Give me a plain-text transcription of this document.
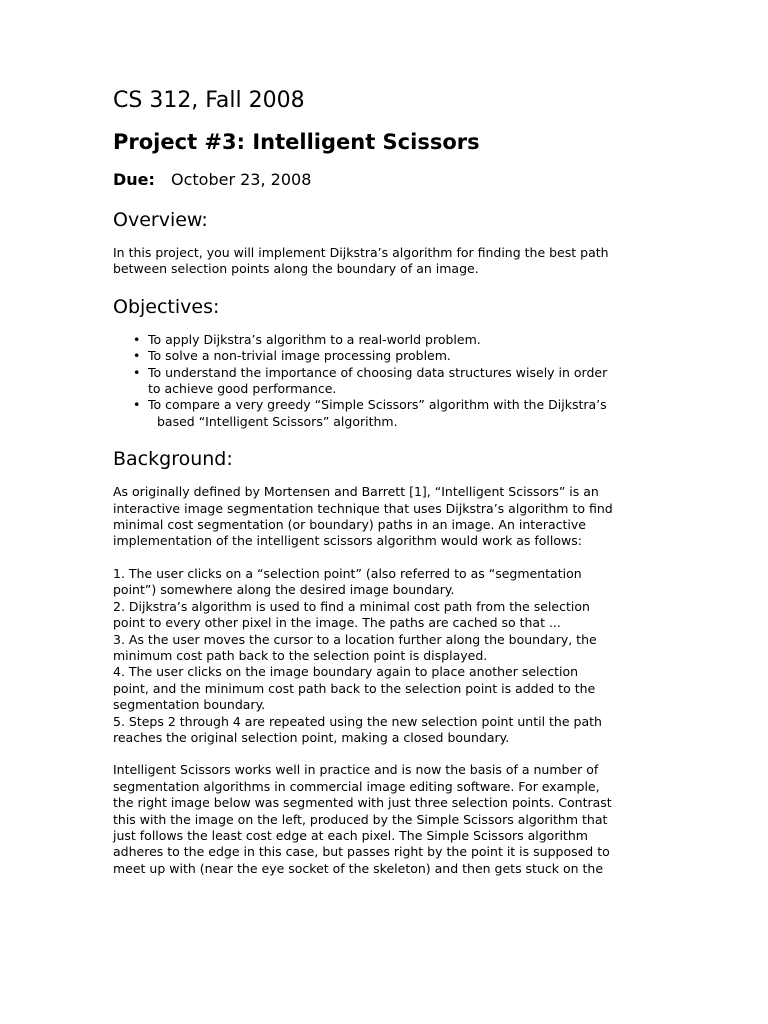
CS 312, Fall 2008
Project #3: Intelligent Scissors

Due: October 23, 2008

Overview:

In this project, you will implement Dijkstra’s algorithm for finding the best path
between selection points along the boundary of an image.

Objectives:
• To apply Dijkstra’s algorithm to a real-world problem.
• To solve a non-trivial image processing problem.
• To understand the importance of choosing data structures wisely in order
to achieve good performance.
• To compare a very greedy “Simple Scissors” algorithm with the Dijkstra’s
based “Intelligent Scissors” algorithm.
Background:

As originally defined by Mortensen and Barrett [1], “Intelligent Scissors” is an
interactive image segmentation technique that uses Dijkstra’s algorithm to find
minimal cost segmentation (or boundary) paths in an image. An interactive
implementation of the intelligent scissors algorithm would work as follows:

1. The user clicks on a “selection point” (also referred to as “segmentation
point”) somewhere along the desired image boundary.
2. Dijkstra’s algorithm is used to find a minimal cost path from the selection
point to every other pixel in the image. The paths are cached so that ...
3. As the user moves the cursor to a location further along the boundary, the
minimum cost path back to the selection point is displayed.
4. The user clicks on the image boundary again to place another selection
point, and the minimum cost path back to the selection point is added to the
segmentation boundary.
5. Steps 2 through 4 are repeated using the new selection point until the path
reaches the original selection point, making a closed boundary.

Intelligent Scissors works well in practice and is now the basis of a number of
segmentation algorithms in commercial image editing software. For example,
the right image below was segmented with just three selection points. Contrast
this with the image on the left, produced by the Simple Scissors algorithm that
just follows the least cost edge at each pixel. The Simple Scissors algorithm
adheres to the edge in this case, but passes right by the point it is supposed to
meet up with (near the eye socket of the skeleton) and then gets stuck on the
